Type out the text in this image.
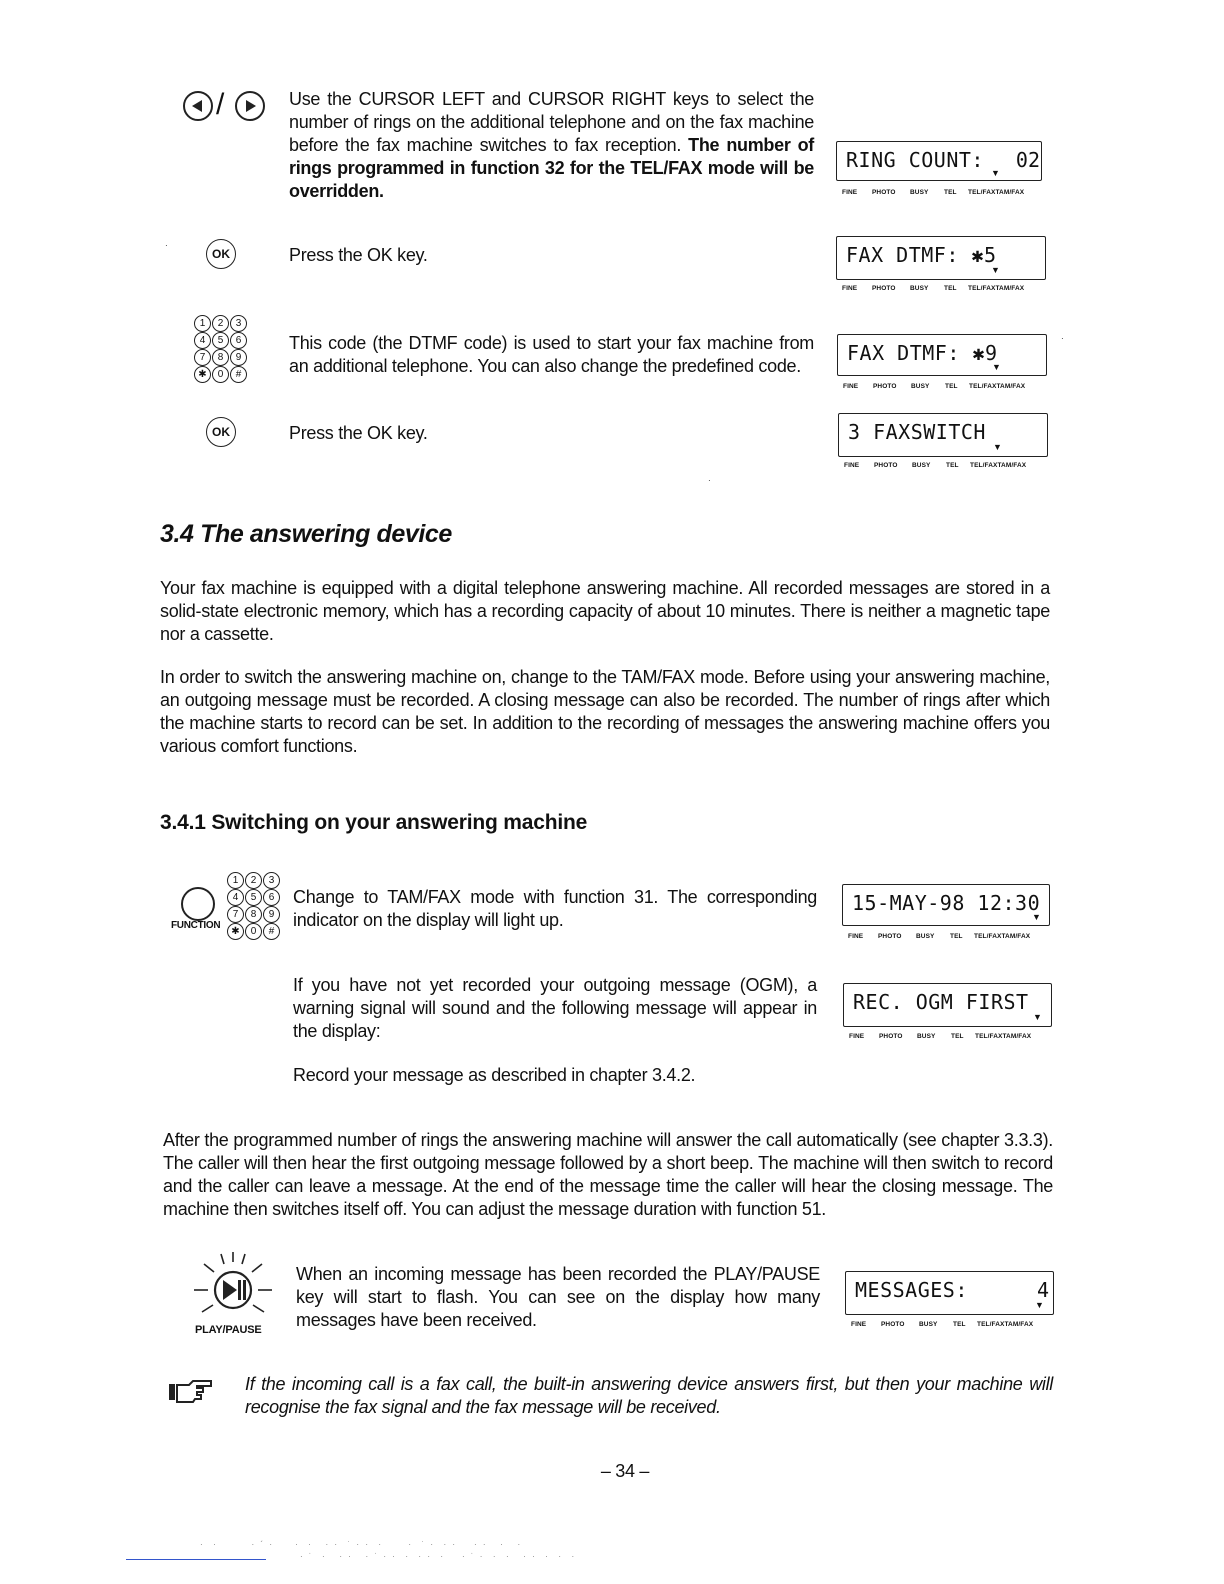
/	Use the CURSOR LEFT and CURSOR RIGHT keys to select the number of rings on the additional telephone and on the fax machine before the fax machine switches to fax reception. The number of rings programmed in function 32 for the TEL/FAX mode will be overridden.
RING COUNT: 02
▼
FINE PHOTO BUSY TEL TEL/FAXTAM/FAX
·
OK	Press the OK key.	FAX DTMF: ✱5
▼
FINE PHOTO BUSY TEL TEL/FAXTAM/FAX
1	2	3
4	5	6
7	8	9
✱	0	#
This code (the DTMF code) is used to start your fax machine from an additional telephone. You can also change the predefined code.
FAX DTMF: ✱9
▼
FINE PHOTO BUSY TEL TEL/FAXTAM/FAX
·
OK	Press the OK key.	3 FAXSWITCH
▼
FINE PHOTO BUSY TEL TEL/FAXTAM/FAX
·
3.4 The answering device
Your fax machine is equipped with a digital telephone answering machine. All recorded messages are stored in a solid-state electronic memory, which has a recording capacity of about 10 minutes. There is neither a magnetic tape nor a cassette.
In order to switch the answering machine on, change to the TAM/FAX mode. Before using your answering machine, an outgoing message must be recorded. A closing message can also be recorded. The number of rings after which the machine starts to record can be set. In addition to the recording of messages the answering machine offers you various comfort functions.
3.4.1 Switching on your answering machine
FUNCTION
1	2	3
4	5	6
7	8	9
✱	0	#
Change to TAM/FAX mode with function 31. The corresponding indicator on the display will light up.
15-MAY-98 12:30
▼
FINE PHOTO BUSY TEL TEL/FAXTAM/FAX
If you have not yet recorded your outgoing message (OGM), a warning signal will sound and the following message will appear in the display:
REC. OGM FIRST
▼
FINE PHOTO BUSY TEL TEL/FAXTAM/FAX
Record your message as described in chapter 3.4.2.
After the programmed number of rings the answering machine will answer the call automatically (see chapter 3.3.3). The caller will then hear the first outgoing message followed by a short beep. The machine will then switch to record and the caller can leave a message. At the end of the message time the caller will hear the closing message. The machine then switches itself off. You can adjust the message duration with function 51.
PLAY/PAUSE
When an incoming message has been recorded the PLAY/PAUSE key will start to flash. You can see on the display how many messages have been received.
MESSAGES:	4
▼
FINE PHOTO BUSY TEL TEL/FAXTAM/FAX
If the incoming call is a fax call, the built-in answering device answers first, but then your machine will recognise the fax signal and the fax message will be received.
– 34 –
·  ·        · ´ ·     ·  ·   · ·  ˙ · ·  ·      ·  ˙ ·  · ·    · ·   ·   ·
· ˙  ·   · ·   · ˙ · ·  ·  · ·  ·    · ˙ ·  ·  ·   · ·  ·  ·  ·
